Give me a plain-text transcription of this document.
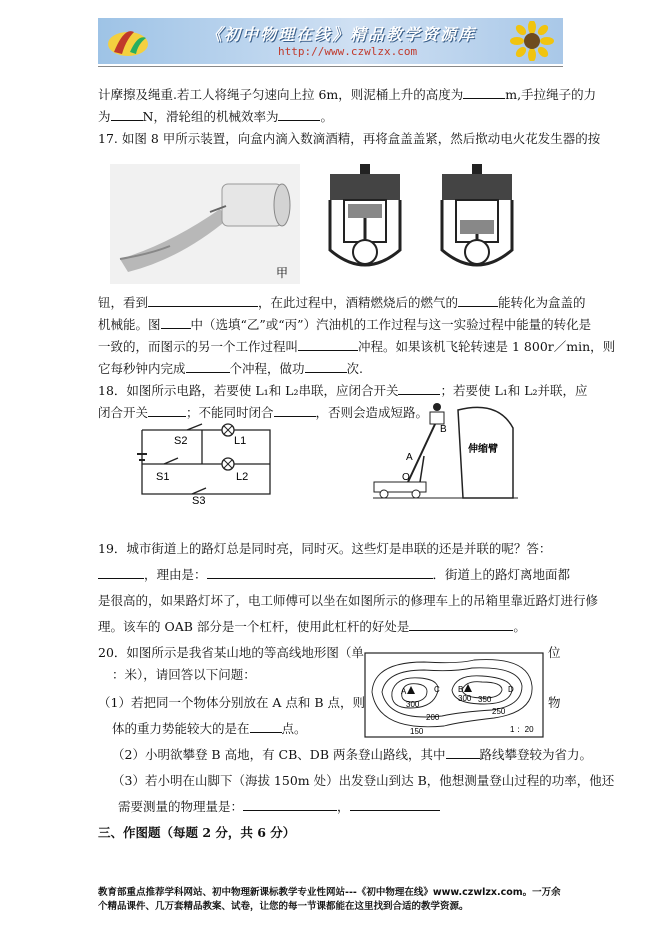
《初中物理在线》精品教学资源库
http://www.czwlzx.com
计摩擦及绳重.若工人将绳子匀速向上拉 6m，则泥桶上升的高度为	m,手拉绳子的力
为	N，滑轮组的机械效率为	。
17. 如图 8 甲所示装置，向盒内滴入数滴酒精，再将盒盖盖紧，然后揿动电火花发生器的按
甲
钮，看到	，在此过程中，酒精燃烧后的燃气的	能转化为盒盖的
机械能。图 中（选填“乙”或“丙”）汽油机的工作过程与这一实验过程中能量的转化是
一致的，而图示的另一个工作过程叫	冲程。如果该机飞轮转速是 1 800r／min，则
它每秒钟内完成	个冲程，做功	次.
18．如图所示电路，若要使 L₁和 L₂串联，应闭合开关	；若要使 L₁和 L₂并联，应
闭合开关	；不能同时闭合	，否则会造成短路。
S2	L1
S1	L2
S3
A
O
B
伸缩臂
19．城市街道上的路灯总是同时亮，同时灭。这些灯是串联的还是并联的呢？答：
，理由是：	．街道上的路灯离地面都
是很高的，如果路灯坏了，电工师傅可以坐在如图所示的修理车上的吊箱里靠近路灯进行修
理。该车的 OAB 部分是一个杠杆，使用此杠杆的好处是	。
20．如图所示是我省某山地的等高线地形图（单	位
：米），请回答以下问题：
（1）若把同一个物体分别放在 A 点和 B 点，则	物
体的重力势能较大的是在	点。
A	B
C	D
300
350
300
250
200
150	1 ：20
（2）小明欲攀登 B 高地，有 CB、DB 两条登山路线，其中	路线攀登较为省力。
（3）若小明在山脚下（海拔 150m 处）出发登山到达 B，他想测量登山过程的功率，他还
需要测量的物理量是：	，
三、作图题（每题 2 分，共 6 分）
教育部重点推荐学科网站、初中物理新课标教学专业性网站---《初中物理在线》www.czwlzx.com。一万余
个精品课件、几万套精品教案、试卷，让您的每一节课都能在这里找到合适的教学资源。
